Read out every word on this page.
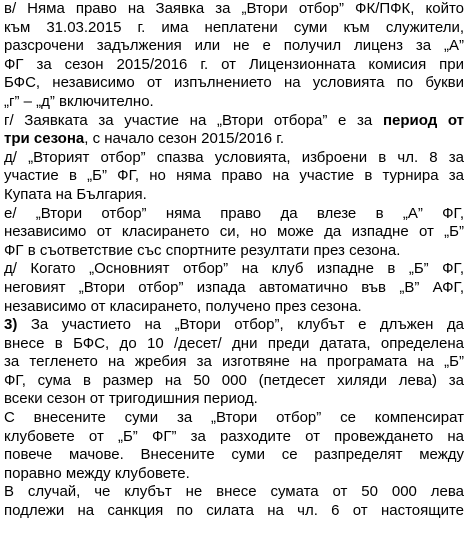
в/ Няма право на Заявка за „Втори отбор” ФК/ПФК, който
към 31.03.2015 г. има неплатени суми към служители,
разсрочени задължения или не е получил лиценз за „А”
ФГ за сезон 2015/2016 г. от Лицензионната комисия при
БФС, независимо от изпълнението на условията по букви
„г” – „д” включително.

г/ Заявката за участие на „Втори отбора” е за период от
три сезона, с начало сезон 2015/2016 г.

д/ „Вторият отбор” спазва условията, изброени в чл. 8 за
участие в „Б” ФГ, но няма право на участие в турнира за
Купата на България.

е/ „Втори отбор” няма право да влезе в „А” ФГ,
независимо от класирането си, но може да изпадне от „Б”
ФГ в съответствие със спортните резултати през сезона.

д/ Когато „Основният отбор” на клуб изпадне в „Б” ФГ,
неговият „Втори отбор” изпада автоматично във „В” АФГ,
независимо от класирането, получено през сезона.

3) За участието на „Втори отбор”, клубът е длъжен да
внесе в БФС, до 10 /десет/ дни преди датата, определена
за тегленето на жребия за изготвяне на програмата на „Б”
ФГ, сума в размер на 50 000 (петдесет хиляди лева) за
всеки сезон от тригодишния период.

С внесените суми за „Втори отбор” се компенсират
клубовете от „Б” ФГ” за разходите от провеждането на
повече мачове. Внесените суми се разпределят между
поравно между клубовете.

В случай, че клубът не внесе сумата от 50 000 лева
подлежи на санкция по силата на чл. 6 от настоящите
